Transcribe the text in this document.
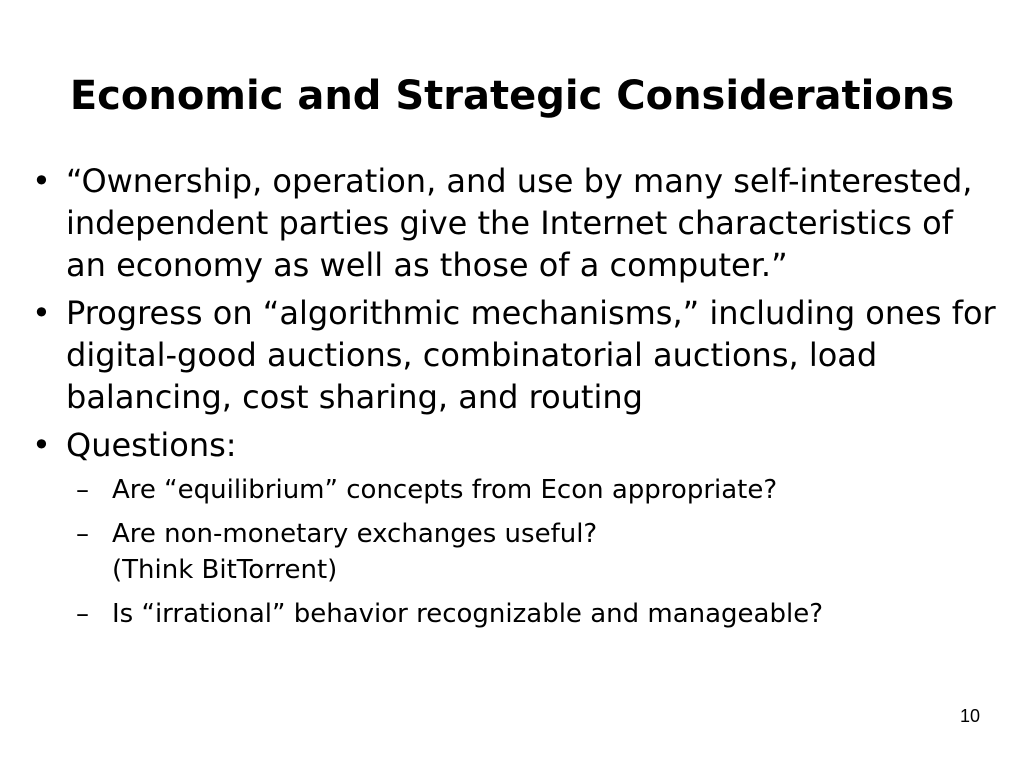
Economic and Strategic Considerations
• “Ownership, operation, and use by many self-interested, independent parties give the Internet characteristics of an economy as well as those of a computer.”
• Progress on “algorithmic mechanisms,” including ones for digital-good auctions, combinatorial auctions, load balancing, cost sharing, and routing
• Questions:
– Are “equilibrium” concepts from Econ appropriate?
– Are non-monetary exchanges useful?
(Think BitTorrent)
– Is “irrational” behavior recognizable and manageable?
10
